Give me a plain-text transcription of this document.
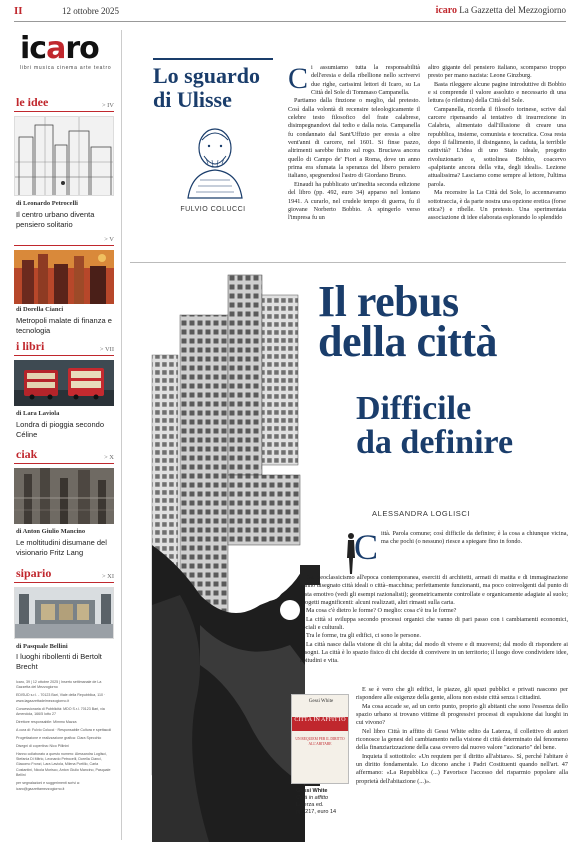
II	12 ottobre 2025	icaro La Gazzetta del Mezzogiorno
icaro
libri musica cinema arte teatro
le idee	> IV
di Leonardo Petrocelli
Il centro urbano diventa pensiero solitario
> V
di Dorella Cianci
Metropoli malate di finanza e tecnologia
i libri	> VII
di Lara Laviola
Londra di pioggia secondo Céline
ciak	> X
di Anton Giulio Mancino
Le moltitudini disumane del visionario Fritz Lang
sipario	> XI
di Pasquale Bellini
I luoghi ribollenti di Bertolt Brecht

Icaro, 39 | 12 ottobre 2025 | Inserto settimanale de La Gazzetta del Mezzogiorno

EDISUD s.r.l. - 70123 Bari, Viale della Repubblica, 110 · www.lagazzettadelmezzogiorno.it

Concessionaria di Pubblicità: MDO S.r.l. 70123 Bari, via Amendola, 166/5 lotto 27

Direttore responsabile: Mimmo Mazza

A cura di: Fulvio Colucci · Responsabile Cultura e spettacoli

Progettazione e realizzazione grafica: Clara Specchio

Disegni di copertina: Nico Pillinini

Hanno collaborato a questo numero: Alessandra Loglisci, Stefania Di Mitrio, Leonardo Petrocelli, Dorella Cianci, Giacomo Fronzi, Lara Laviola, Milena Portillo, Carla Costantini, Nicola Morisco, Anton Giulio Mancino, Pasquale Bellini

per segnalazioni e suggerimenti scrivi a: icaro@gazzettamezzogiorno.it

Lo sguardo di Ulisse
FULVIO COLUCCI

Ci assumiamo tutta la responsabilità dell'eresia e della ribellione nello scrivervi due righe, carissimi lettori di Icaro, su La Città del Sole di Tommaso Campanella.

Partiamo dalla finzione o meglio, dal pretesto. Così dalla volontà di recensire teleologicamente il celebre testo filosofico del frate calabrese, disimpegnandovi dal tedio e dalla noia. Campanella fu condannato dal Sant'Uffizio per eresia a oltre vent'anni di carcere, nel 1601. Si finse pazzo, altrimenti sarebbe finito sul rogo. Bruciava ancora quello di Campo de' Fiori a Roma, dove un anno prima era sfumata la speranza del libero pensiero italiano, spegnendosi l'astro di Giordano Bruno.

Einaudi ha pubblicato un'inedita seconda edizione del libro (pp. 492, euro 34) apparso nel lontano 1941. A curarlo, nel crudele tempo di guerra, fu il giovane Norberto Bobbio. A spingerlo verso l'impresa fu un

altro gigante del pensiero italiano, scomparso troppo presto per mano nazista: Leone Ginzburg.

Basta rileggere alcune pagine introduttive di Bobbio e si comprende il valore assoluto e necessario di una lettura (o rilettura) della Città del Sole.

Campanella, ricorda il filosofo torinese, scrive dal carcere ripensando al tentativo di insurrezione in Calabria, alimentato dall'illusione di creare una repubblica, insieme, comunista e teocratica. Cosa resta dopo il fallimento, il disinganno, la caduta, la terribile cattività? L'idea di uno Stato ideale, progetto rivoluzionario e, sottolinea Bobbio, coacervo «palpitante ancora della vita, degli ideali». Lezione attualissima? Lasciamo come sempre al lettore, l'ultima parola.

Ma recensire la La Città del Sole, lo accennavamo sottotraccia, è da parte nostra una opzione eretica (forse etica?) e ribelle. Un pretesto. Una sperimentata associazione di idee elaborata esplorando lo splendido

Il rebus
della città
Difficile
da definire
ALESSANDRA LOGLISCI

Città. Parola comune; così difficile da definire; è la cosa a chiunque vicina, ma che pochi (o nessuno) riesce a spiegare fino in fondo.

Dal neoclassicismo all'epoca contemporanea, eserciti di architetti, armati di matita e di immaginazione hanno disegnato città ideali o città–macchina; perfettamente funzionanti, ma poco coinvolgenti dal punto di vista emotivo (vedi gli esempi razionalisti); geometricamente controllate e organicamente adagiate al suolo; progetti magnificenti: alcuni realizzati, altri rimasti sulla carta.

Ma cosa c'è dietro le forme? O meglio: cosa c'è tra le forme?

La città si sviluppa secondo processi organici che vanno di pari passo con i cambiamenti economici, sociali e culturali.

Tra le forme, tra gli edifici, ci sono le persone.

La città nasce dalla visione di chi la abita; dal modo di vivere e di muoversi; dal modo di rispondere ai bisogni. La città è lo spazio fisico di chi decide di convivere in un territorio; il luogo dove condividere idee, abitudini e vita.

E se è vero che gli edifici, le piazze, gli spazi pubblici e privati nascono per rispondere alle esigenze della gente, allora non esiste città senza i cittadini.

Ma cosa accade se, ad un certo punto, proprio gli abitanti che sono l'essenza dello spazio urbano si trovano vittime di progressivi processi di espulsione dai luoghi in cui vivono?

Nel libro Città in affitto di Gessi White edito da Laterza, il collettivo di autori riconosce la genesi del cambiamento nella visione di città determinato dal fenomeno della finanziarizzazione della casa ovvero dal nuovo valore "azionario" del bene.

Inquieta il sottotitolo: «Un requiem per il diritto all'abitare». Sì, perché l'abitare è un diritto fondamentale. Lo dicono anche i Padri Costituenti quando nell'art. 47 affermano: «La Repubblica (...) Favorisce l'accesso del risparmio popolare alla proprietà dell'abitazione (...)».

Gessi White
CITTÀ IN AFFITTO
UN REQUIEM PER IL DIRITTO ALL'ABITARE
Gessi White
Città in affitto
Laterza ed.
pp. 217, euro 14
